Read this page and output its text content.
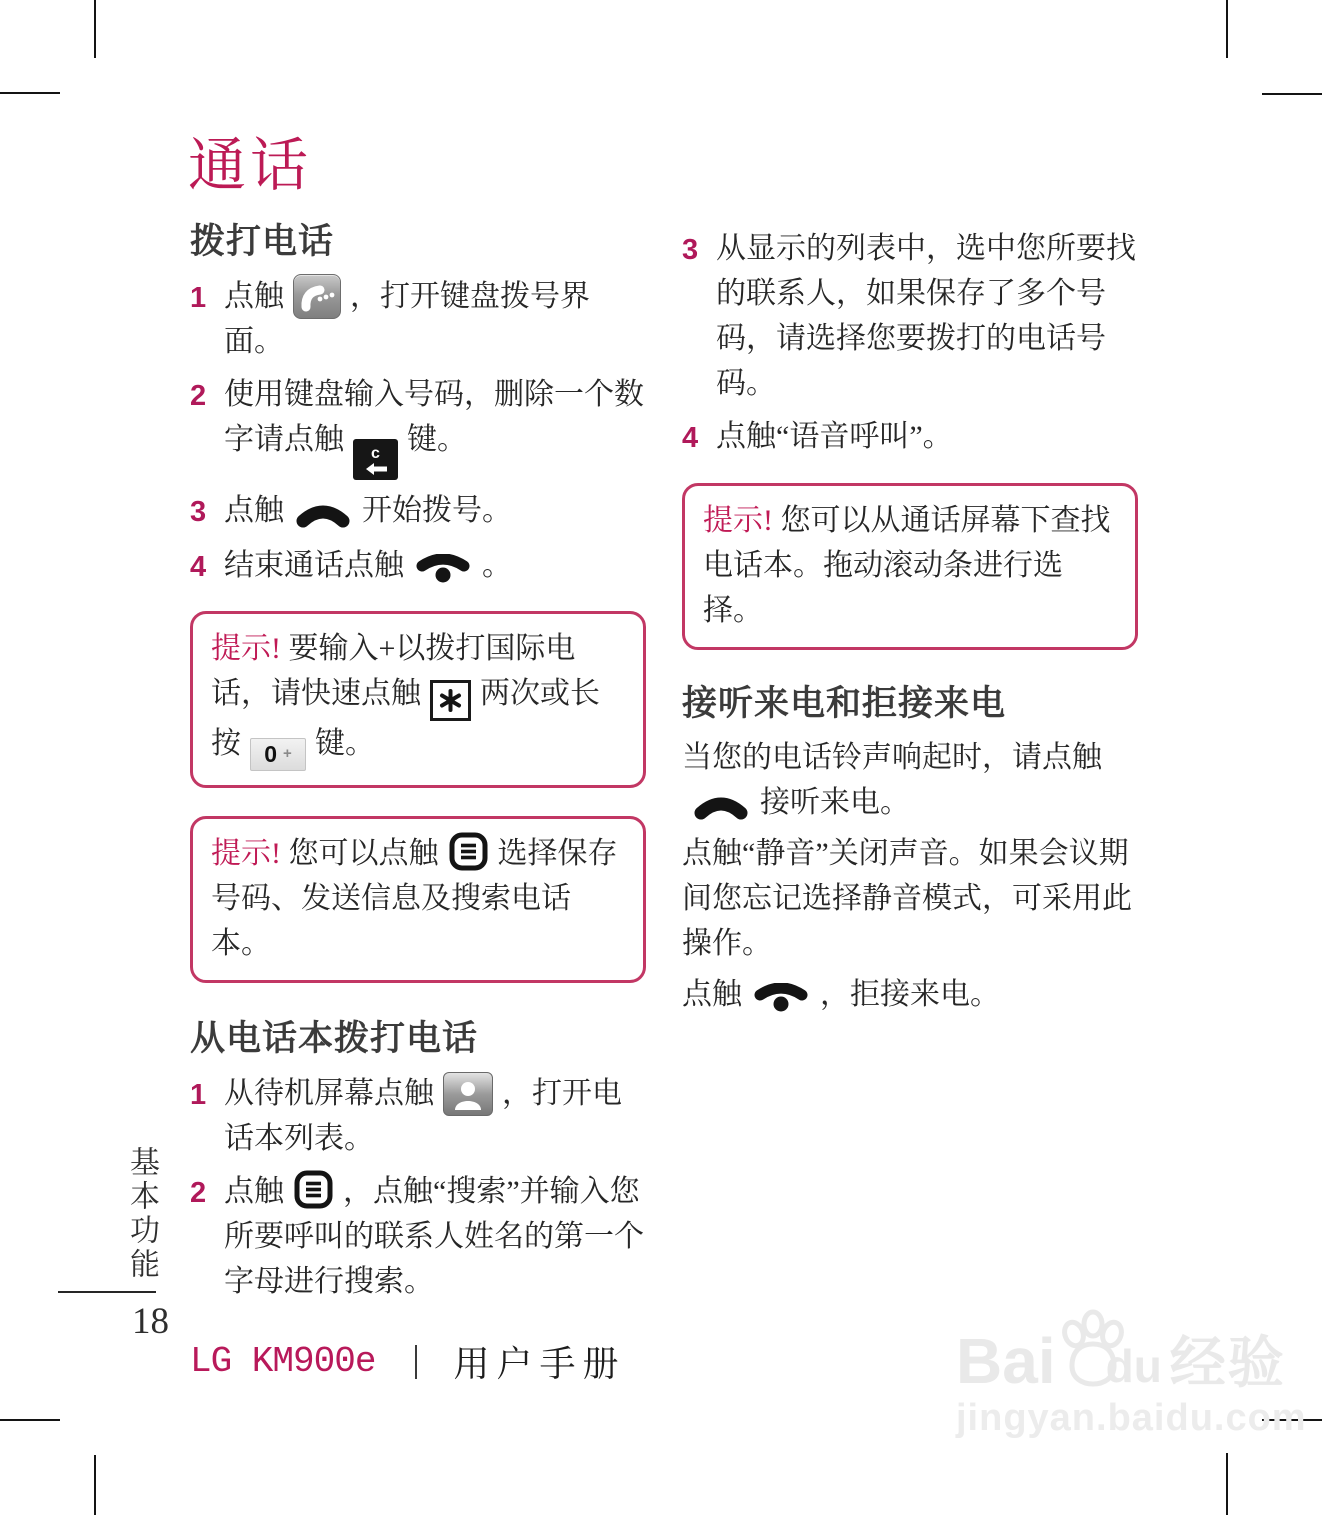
通话
拨打电话
1 点触 ，打开键盘拨号界面。
2 使用键盘输入号码，删除一个数字请点触 c 键。
3 点触	开始拨号。
4 结束通话点触	。
提示! 要输入+以拨打国际电话，请快速点触 两次或长按 0 + 键。
提示! 您可以点触 选择保存号码、发送信息及搜索电话本。
从电话本拨打电话
1 从待机屏幕点触 ，打开电话本列表。
2 点触 ，点触“搜索”并输入您所要呼叫的联系人姓名的第一个字母进行搜索。
3 从显示的列表中，选中您所要找的联系人，如果保存了多个号码，请选择您要拨打的电话号码。
4 点触“语音呼叫”。
提示! 您可以从通话屏幕下查找电话本。拖动滚动条进行选择。
接听来电和拒接来电

当您的电话铃声响起时，请点触
接听来电。

点触“静音”关闭声音。如果会议期间您忘记选择静音模式，可采用此操作。

点触	，拒接来电。

基本功能
18
LG KM900e 用户手册	Bai du 经验
jingyan.baidu.com
